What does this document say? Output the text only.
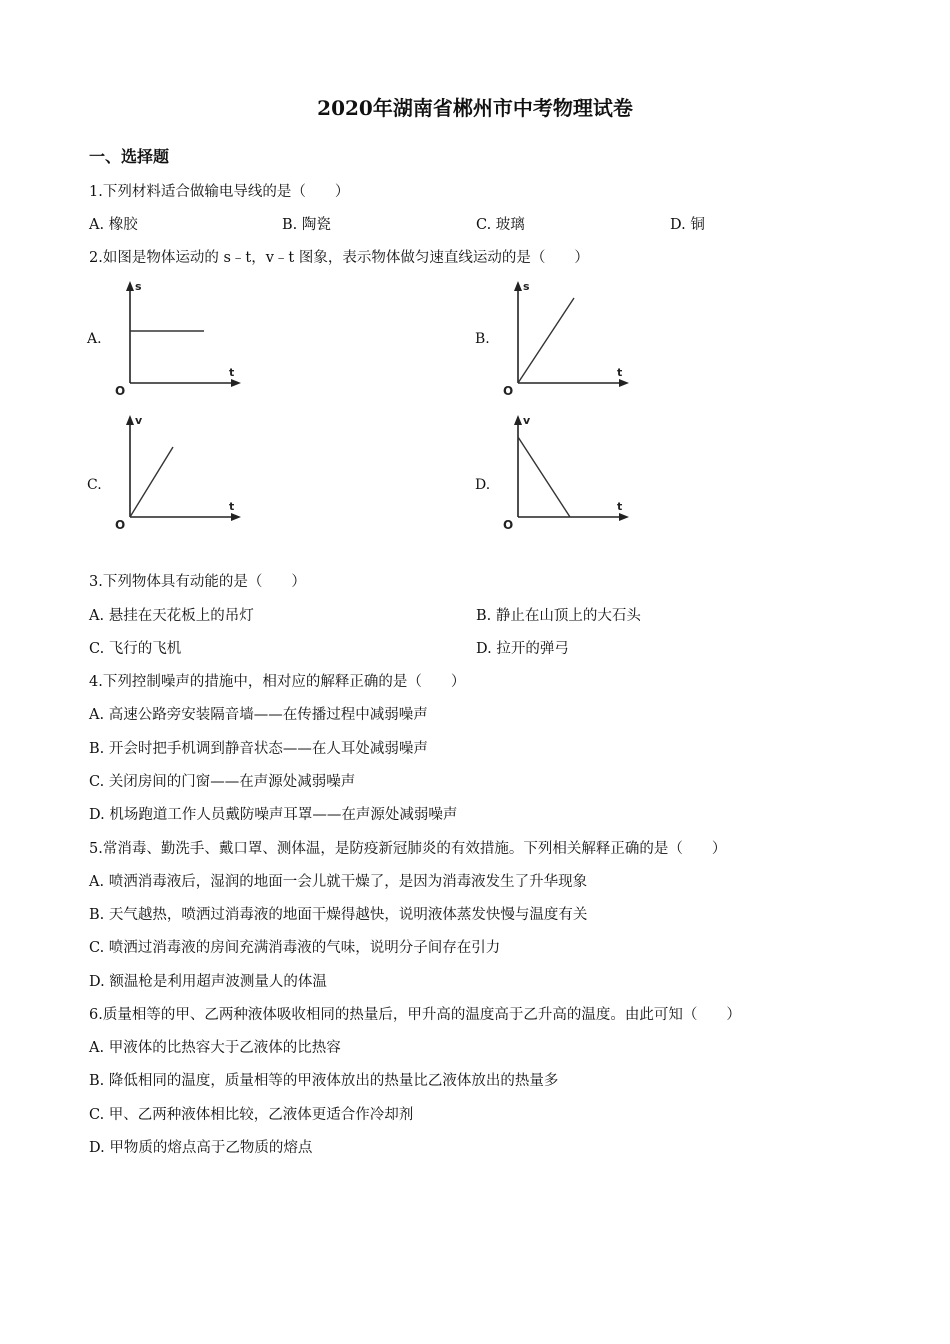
2020年湖南省郴州市中考物理试卷
一、选择题
1.下列材料适合做输电导线的是（　　）
A. 橡胶	B. 陶瓷	C. 玻璃	D. 铜
2.如图是物体运动的 s﹣t，v﹣t 图象，表示物体做匀速直线运动的是（　　）
A.	B.
C.	D.
s
t
O
s
t
O
v
t
O
v
t
O
3.下列物体具有动能的是（　　）
A. 悬挂在天花板上的吊灯	B. 静止在山顶上的大石头
C. 飞行的飞机	D. 拉开的弹弓
4.下列控制噪声的措施中，相对应的解释正确的是（　　）
A. 高速公路旁安装隔音墙——在传播过程中减弱噪声
B. 开会时把手机调到静音状态——在人耳处减弱噪声
C. 关闭房间的门窗——在声源处减弱噪声
D. 机场跑道工作人员戴防噪声耳罩——在声源处减弱噪声
5.常消毒、勤洗手、戴口罩、测体温，是防疫新冠肺炎的有效措施。下列相关解释正确的是（　　）
A. 喷洒消毒液后，湿润的地面一会儿就干燥了，是因为消毒液发生了升华现象
B. 天气越热，喷洒过消毒液的地面干燥得越快，说明液体蒸发快慢与温度有关
C. 喷洒过消毒液的房间充满消毒液的气味，说明分子间存在引力
D. 额温枪是利用超声波测量人的体温
6.质量相等的甲、乙两种液体吸收相同的热量后，甲升高的温度高于乙升高的温度。由此可知（　　）
A. 甲液体的比热容大于乙液体的比热容
B. 降低相同的温度，质量相等的甲液体放出的热量比乙液体放出的热量多
C. 甲、乙两种液体相比较，乙液体更适合作冷却剂
D. 甲物质的熔点高于乙物质的熔点
